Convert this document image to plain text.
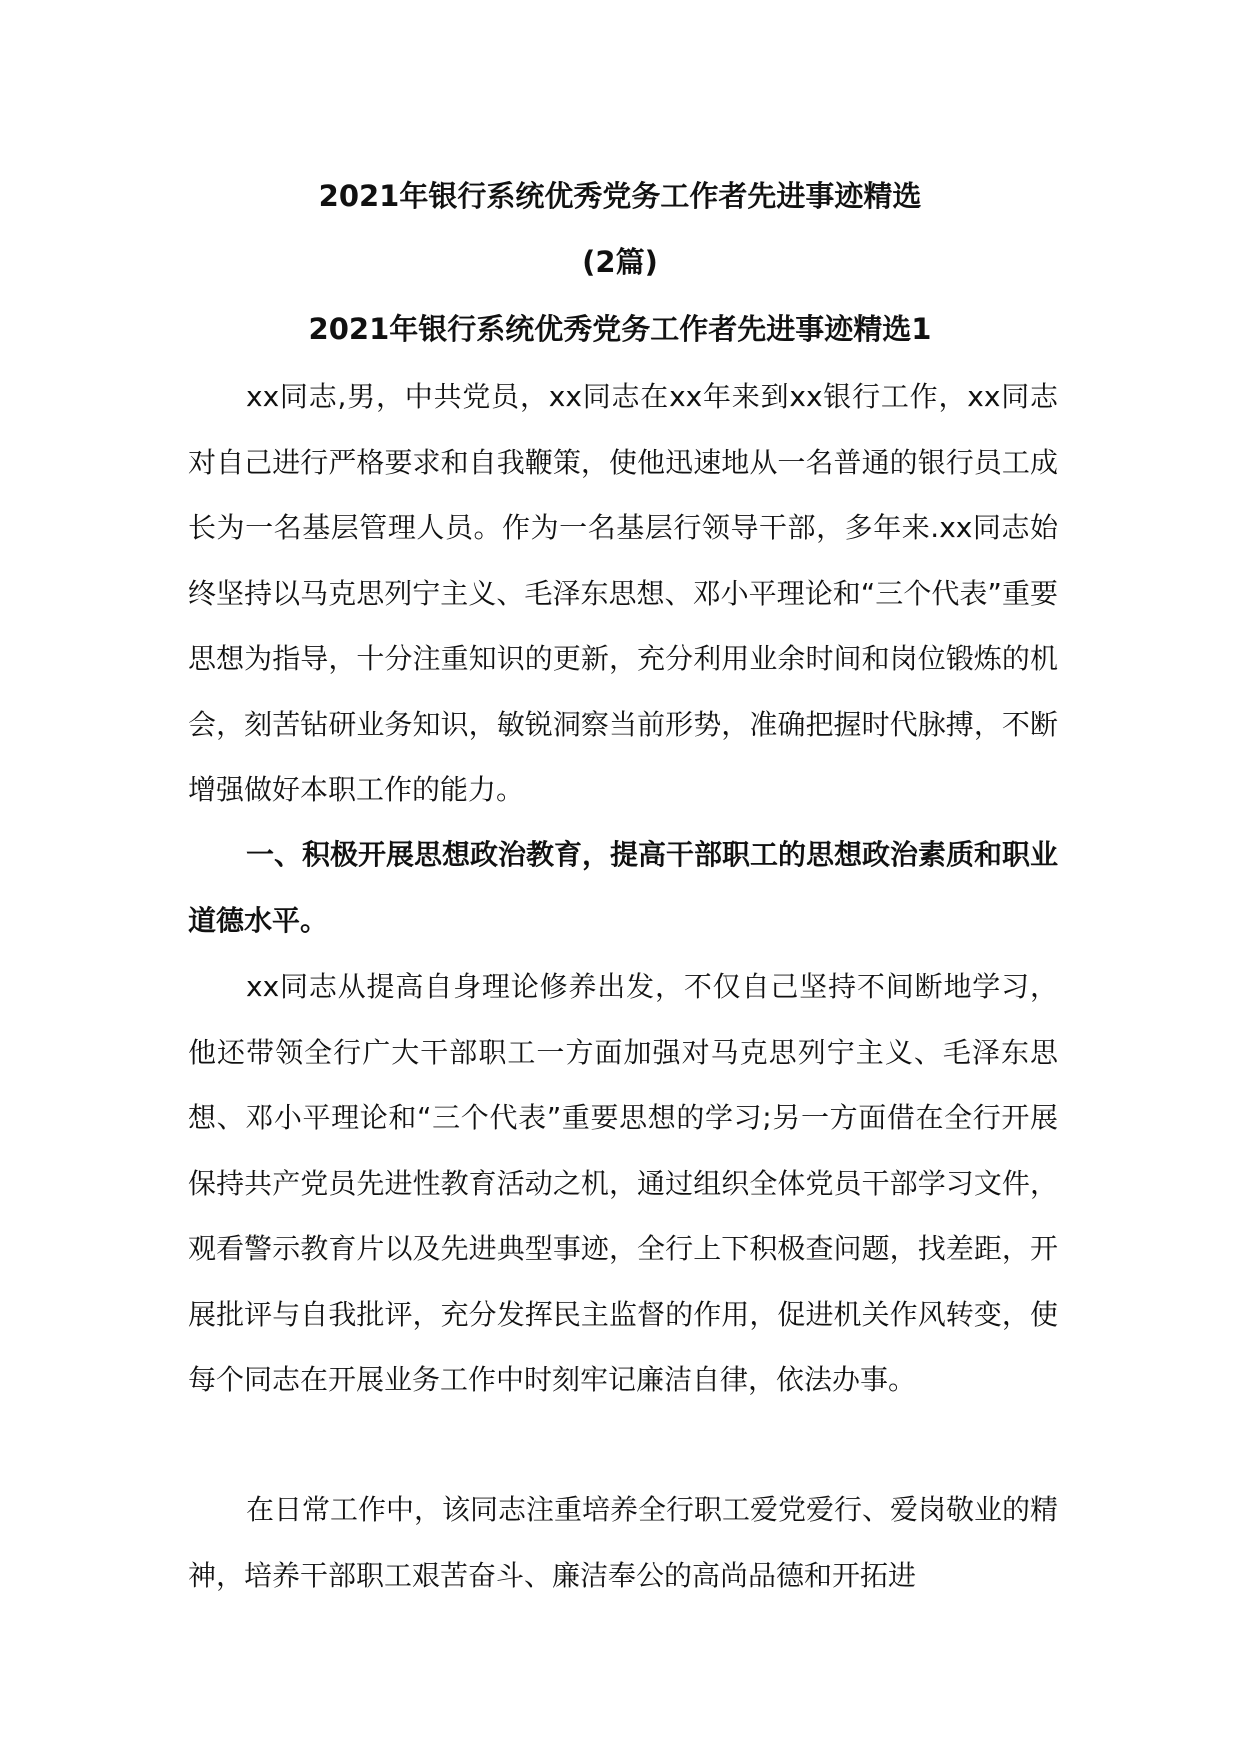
2021年银行系统优秀党务工作者先进事迹精选
(2篇)
2021年银行系统优秀党务工作者先进事迹精选1

xx同志,男，中共党员，xx同志在xx年来到xx银行工作，xx同志对自己进行严格要求和自我鞭策，使他迅速地从一名普通的银行员工成长为一名基层管理人员。作为一名基层行领导干部，多年来.xx同志始终坚持以马克思列宁主义、毛泽东思想、邓小平理论和“三个代表”重要思想为指导，十分注重知识的更新，充分利用业余时间和岗位锻炼的机会，刻苦钻研业务知识，敏锐洞察当前形势，准确把握时代脉搏，不断增强做好本职工作的能力。

一、积极开展思想政治教育，提高干部职工的思想政治素质和职业道德水平。

xx同志从提高自身理论修养出发，不仅自己坚持不间断地学习，他还带领全行广大干部职工一方面加强对马克思列宁主义、毛泽东思想、邓小平理论和“三个代表”重要思想的学习;另一方面借在全行开展保持共产党员先进性教育活动之机，通过组织全体党员干部学习文件，观看警示教育片以及先进典型事迹，全行上下积极查问题，找差距，开展批评与自我批评，充分发挥民主监督的作用，促进机关作风转变，使每个同志在开展业务工作中时刻牢记廉洁自律，依法办事。

在日常工作中，该同志注重培养全行职工爱党爱行、爱岗敬业的精神，培养干部职工艰苦奋斗、廉洁奉公的高尚品德和开拓进
